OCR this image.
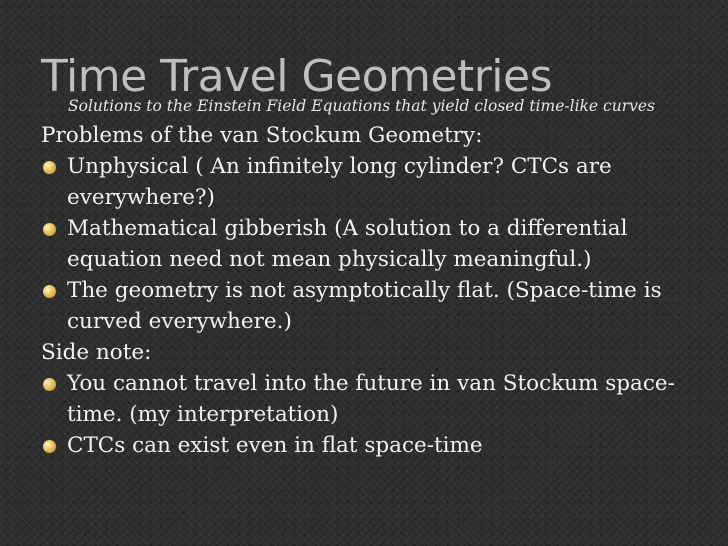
Time Travel Geometries
Solutions to the Einstein Field Equations that yield closed time-like curves

Problems of the van Stockum Geometry:

Unphysical ( An infinitely long cylinder? CTCs are everywhere?)

Mathematical gibberish (A solution to a differential equation need not mean physically meaningful.)

The geometry is not asymptotically flat. (Space-time is curved everywhere.)

Side note:

You cannot travel into the future in van Stockum space-time. (my interpretation)

CTCs can exist even in flat space-time
